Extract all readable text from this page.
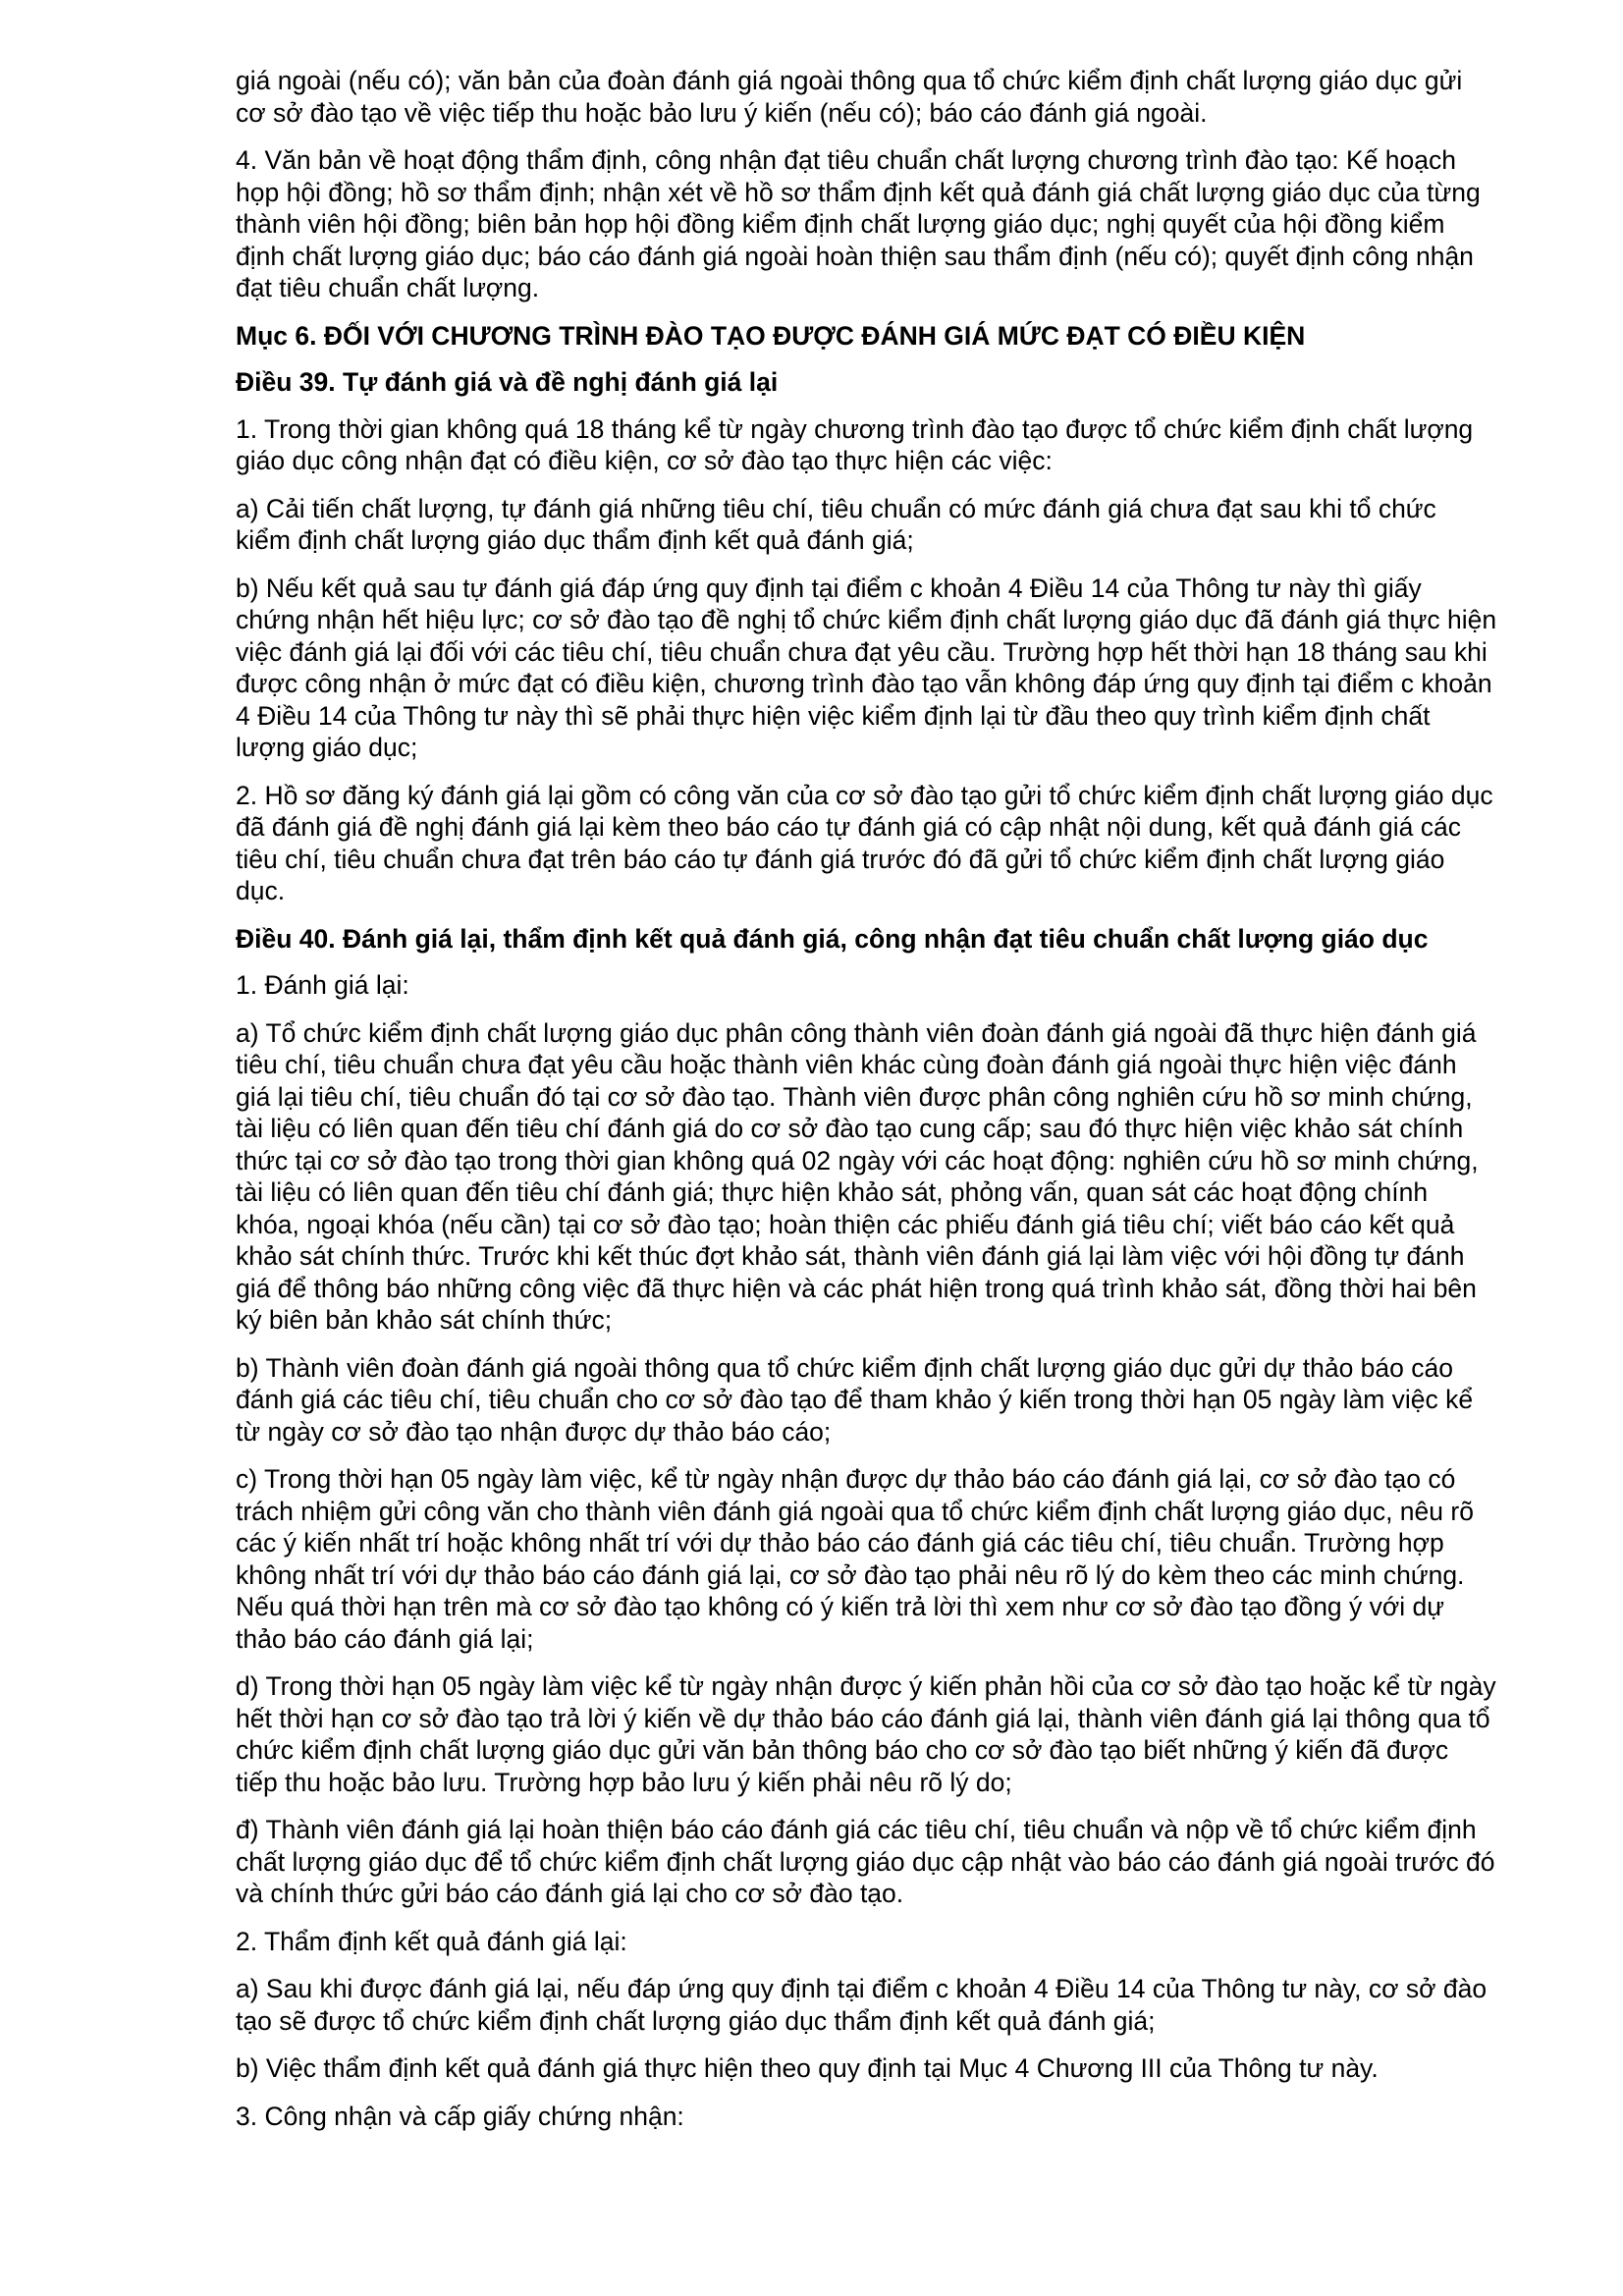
giá ngoài (nếu có); văn bản của đoàn đánh giá ngoài thông qua tổ chức kiểm định chất lượng giáo dục gửi cơ sở đào tạo về việc tiếp thu hoặc bảo lưu ý kiến (nếu có); báo cáo đánh giá ngoài.

4. Văn bản về hoạt động thẩm định, công nhận đạt tiêu chuẩn chất lượng chương trình đào tạo: Kế hoạch họp hội đồng; hồ sơ thẩm định; nhận xét về hồ sơ thẩm định kết quả đánh giá chất lượng giáo dục của từng thành viên hội đồng; biên bản họp hội đồng kiểm định chất lượng giáo dục; nghị quyết của hội đồng kiểm định chất lượng giáo dục; báo cáo đánh giá ngoài hoàn thiện sau thẩm định (nếu có); quyết định công nhận đạt tiêu chuẩn chất lượng.

Mục 6. ĐỐI VỚI CHƯƠNG TRÌNH ĐÀO TẠO ĐƯỢC ĐÁNH GIÁ MỨC ĐẠT CÓ ĐIỀU KIỆN

Điều 39. Tự đánh giá và đề nghị đánh giá lại

1. Trong thời gian không quá 18 tháng kể từ ngày chương trình đào tạo được tổ chức kiểm định chất lượng giáo dục công nhận đạt có điều kiện, cơ sở đào tạo thực hiện các việc:

a) Cải tiến chất lượng, tự đánh giá những tiêu chí, tiêu chuẩn có mức đánh giá chưa đạt sau khi tổ chức kiểm định chất lượng giáo dục thẩm định kết quả đánh giá;

b) Nếu kết quả sau tự đánh giá đáp ứng quy định tại điểm c khoản 4 Điều 14 của Thông tư này thì giấy chứng nhận hết hiệu lực; cơ sở đào tạo đề nghị tổ chức kiểm định chất lượng giáo dục đã đánh giá thực hiện việc đánh giá lại đối với các tiêu chí, tiêu chuẩn chưa đạt yêu cầu. Trường hợp hết thời hạn 18 tháng sau khi được công nhận ở mức đạt có điều kiện, chương trình đào tạo vẫn không đáp ứng quy định tại điểm c khoản 4 Điều 14 của Thông tư này thì sẽ phải thực hiện việc kiểm định lại từ đầu theo quy trình kiểm định chất lượng giáo dục;

2. Hồ sơ đăng ký đánh giá lại gồm có công văn của cơ sở đào tạo gửi tổ chức kiểm định chất lượng giáo dục đã đánh giá đề nghị đánh giá lại kèm theo báo cáo tự đánh giá có cập nhật nội dung, kết quả đánh giá các tiêu chí, tiêu chuẩn chưa đạt trên báo cáo tự đánh giá trước đó đã gửi tổ chức kiểm định chất lượng giáo dục.

Điều 40. Đánh giá lại, thẩm định kết quả đánh giá, công nhận đạt tiêu chuẩn chất lượng giáo dục

1. Đánh giá lại:

a) Tổ chức kiểm định chất lượng giáo dục phân công thành viên đoàn đánh giá ngoài đã thực hiện đánh giá tiêu chí, tiêu chuẩn chưa đạt yêu cầu hoặc thành viên khác cùng đoàn đánh giá ngoài thực hiện việc đánh giá lại tiêu chí, tiêu chuẩn đó tại cơ sở đào tạo. Thành viên được phân công nghiên cứu hồ sơ minh chứng, tài liệu có liên quan đến tiêu chí đánh giá do cơ sở đào tạo cung cấp; sau đó thực hiện việc khảo sát chính thức tại cơ sở đào tạo trong thời gian không quá 02 ngày với các hoạt động: nghiên cứu hồ sơ minh chứng, tài liệu có liên quan đến tiêu chí đánh giá; thực hiện khảo sát, phỏng vấn, quan sát các hoạt động chính khóa, ngoại khóa (nếu cần) tại cơ sở đào tạo; hoàn thiện các phiếu đánh giá tiêu chí; viết báo cáo kết quả khảo sát chính thức. Trước khi kết thúc đợt khảo sát, thành viên đánh giá lại làm việc với hội đồng tự đánh giá để thông báo những công việc đã thực hiện và các phát hiện trong quá trình khảo sát, đồng thời hai bên ký biên bản khảo sát chính thức;

b) Thành viên đoàn đánh giá ngoài thông qua tổ chức kiểm định chất lượng giáo dục gửi dự thảo báo cáo đánh giá các tiêu chí, tiêu chuẩn cho cơ sở đào tạo để tham khảo ý kiến trong thời hạn 05 ngày làm việc kể từ ngày cơ sở đào tạo nhận được dự thảo báo cáo;

c) Trong thời hạn 05 ngày làm việc, kể từ ngày nhận được dự thảo báo cáo đánh giá lại, cơ sở đào tạo có trách nhiệm gửi công văn cho thành viên đánh giá ngoài qua tổ chức kiểm định chất lượng giáo dục, nêu rõ các ý kiến nhất trí hoặc không nhất trí với dự thảo báo cáo đánh giá các tiêu chí, tiêu chuẩn. Trường hợp không nhất trí với dự thảo báo cáo đánh giá lại, cơ sở đào tạo phải nêu rõ lý do kèm theo các minh chứng. Nếu quá thời hạn trên mà cơ sở đào tạo không có ý kiến trả lời thì xem như cơ sở đào tạo đồng ý với dự thảo báo cáo đánh giá lại;

d) Trong thời hạn 05 ngày làm việc kể từ ngày nhận được ý kiến phản hồi của cơ sở đào tạo hoặc kể từ ngày hết thời hạn cơ sở đào tạo trả lời ý kiến về dự thảo báo cáo đánh giá lại, thành viên đánh giá lại thông qua tổ chức kiểm định chất lượng giáo dục gửi văn bản thông báo cho cơ sở đào tạo biết những ý kiến đã được tiếp thu hoặc bảo lưu. Trường hợp bảo lưu ý kiến phải nêu rõ lý do;

đ) Thành viên đánh giá lại hoàn thiện báo cáo đánh giá các tiêu chí, tiêu chuẩn và nộp về tổ chức kiểm định chất lượng giáo dục để tổ chức kiểm định chất lượng giáo dục cập nhật vào báo cáo đánh giá ngoài trước đó và chính thức gửi báo cáo đánh giá lại cho cơ sở đào tạo.

2. Thẩm định kết quả đánh giá lại:

a) Sau khi được đánh giá lại, nếu đáp ứng quy định tại điểm c khoản 4 Điều 14 của Thông tư này, cơ sở đào tạo sẽ được tổ chức kiểm định chất lượng giáo dục thẩm định kết quả đánh giá;

b) Việc thẩm định kết quả đánh giá thực hiện theo quy định tại Mục 4 Chương III của Thông tư này.

3. Công nhận và cấp giấy chứng nhận:
